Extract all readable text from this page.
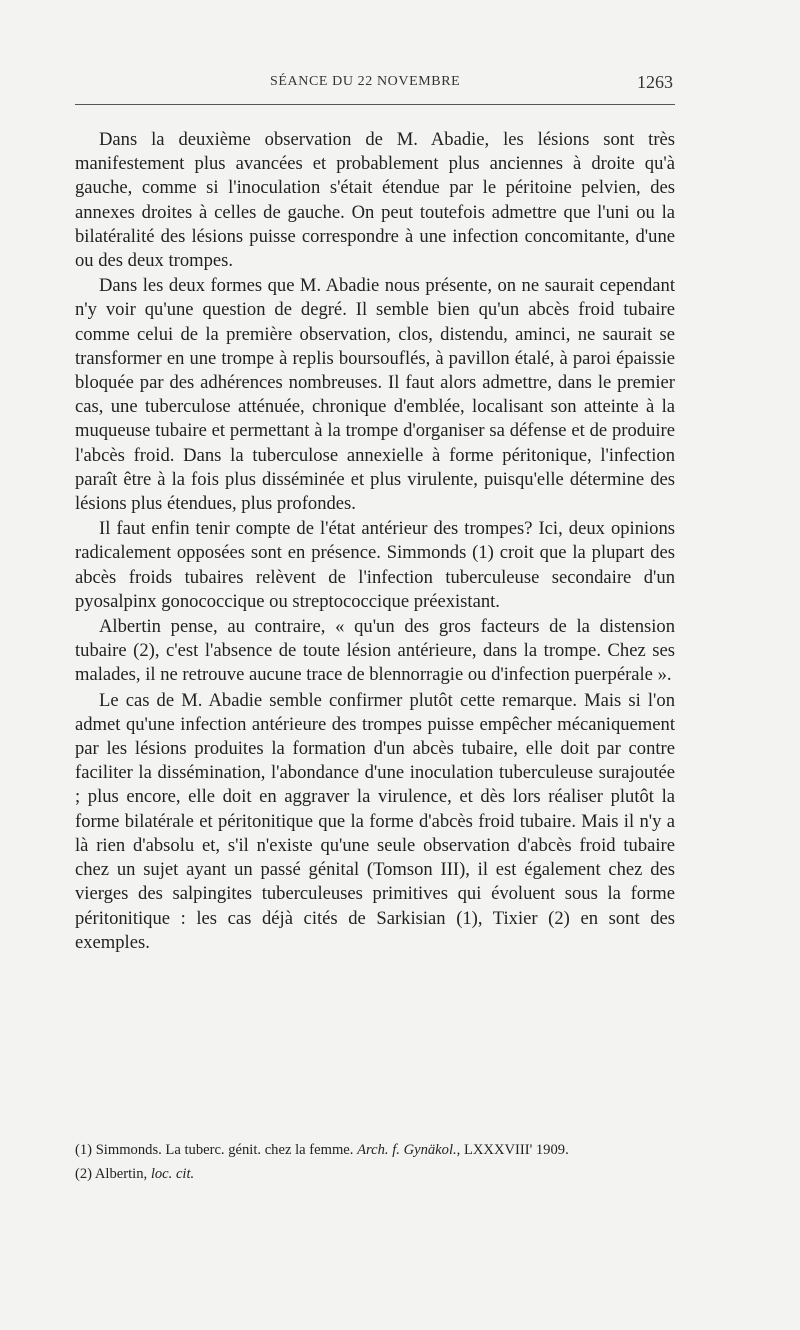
SÉANCE DU 22 NOVEMBRE	1263

Dans la deuxième observation de M. Abadie, les lésions sont très manifestement plus avancées et probablement plus anciennes à droite qu'à gauche, comme si l'inoculation s'était étendue par le péritoine pelvien, des annexes droites à celles de gauche. On peut toutefois admettre que l'uni ou la bilatéralité des lésions puisse correspondre à une infection concomitante, d'une ou des deux trompes.

Dans les deux formes que M. Abadie nous présente, on ne saurait cependant n'y voir qu'une question de degré. Il semble bien qu'un abcès froid tubaire comme celui de la première observation, clos, distendu, aminci, ne saurait se transformer en une trompe à replis boursouflés, à pavillon étalé, à paroi épaissie bloquée par des adhérences nombreuses. Il faut alors admettre, dans le premier cas, une tuberculose atténuée, chronique d'emblée, localisant son atteinte à la muqueuse tubaire et permettant à la trompe d'organiser sa défense et de produire l'abcès froid. Dans la tuberculose annexielle à forme péritonique, l'infection paraît être à la fois plus disséminée et plus virulente, puisqu'elle détermine des lésions plus étendues, plus profondes.

Il faut enfin tenir compte de l'état antérieur des trompes? Ici, deux opinions radicalement opposées sont en présence. Simmonds (1) croit que la plupart des abcès froids tubaires relèvent de l'infection tuberculeuse secondaire d'un pyosalpinx gonococcique ou streptococcique préexistant.

Albertin pense, au contraire, « qu'un des gros facteurs de la distension tubaire (2), c'est l'absence de toute lésion antérieure, dans la trompe. Chez ses malades, il ne retrouve aucune trace de blennorragie ou d'infection puerpérale ».

Le cas de M. Abadie semble confirmer plutôt cette remarque. Mais si l'on admet qu'une infection antérieure des trompes puisse empêcher mécaniquement par les lésions produites la formation d'un abcès tubaire, elle doit par contre faciliter la dissémination, l'abondance d'une inoculation tuberculeuse surajoutée ; plus encore, elle doit en aggraver la virulence, et dès lors réaliser plutôt la forme bilatérale et péritonitique que la forme d'abcès froid tubaire. Mais il n'y a là rien d'absolu et, s'il n'existe qu'une seule observation d'abcès froid tubaire chez un sujet ayant un passé génital (Tomson III), il est également chez des vierges des salpingites tuberculeuses primitives qui évoluent sous la forme péritonitique : les cas déjà cités de Sarkisian (1), Tixier (2) en sont des exemples.

(1) Simmonds. La tuberc. génit. chez la femme. Arch. f. Gynäkol., LXXXVIII' 1909.

(2) Albertin, loc. cit.
